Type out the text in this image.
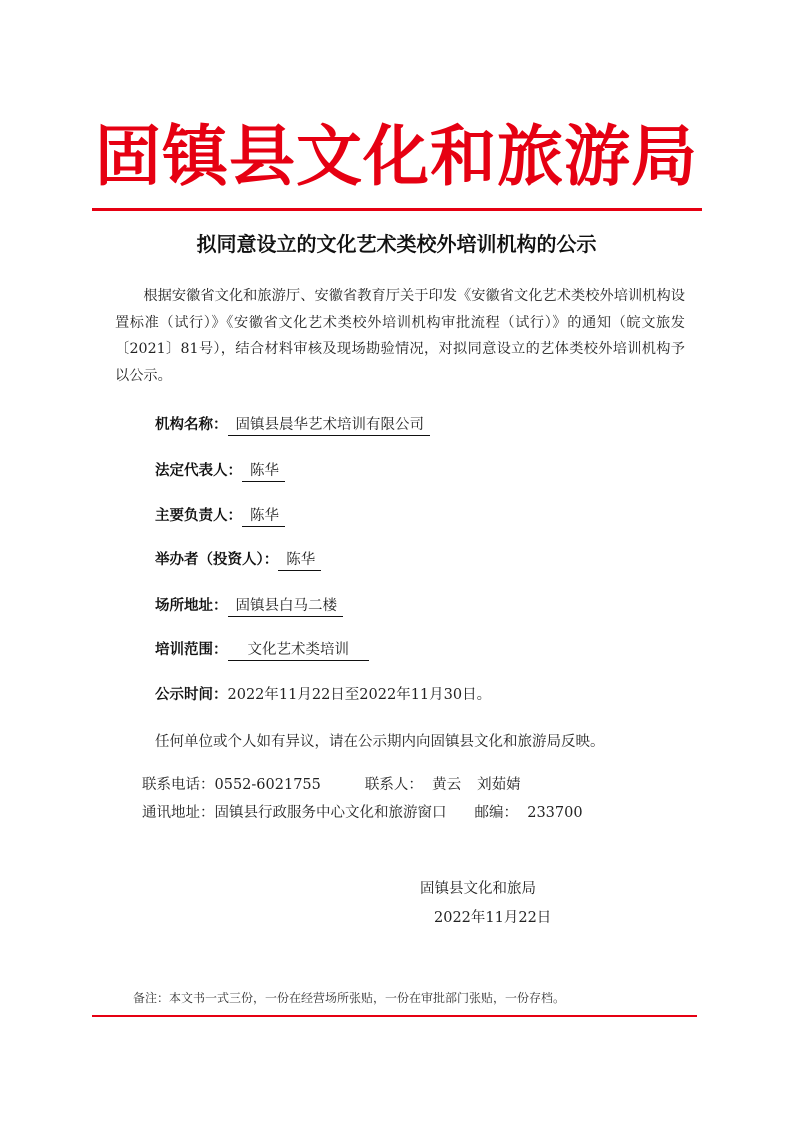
固镇县文化和旅游局
拟同意设立的文化艺术类校外培训机构的公示
根据安徽省文化和旅游厅、安徽省教育厅关于印发《安徽省文化艺术类校外培训机构设置标准（试行）》《安徽省文化艺术类校外培训机构审批流程（试行）》的通知（皖文旅发〔2021〕81号），结合材料审核及现场勘验情况，对拟同意设立的艺体类校外培训机构予以公示。
机构名称： 固镇县晨华艺术培训有限公司
法定代表人： 陈华
主要负责人： 陈华
举办者（投资人）： 陈华
场所地址： 固镇县白马二楼
培训范围： 文化艺术类培训
公示时间：2022年11月22日至2022年11月30日。
任何单位或个人如有异议，请在公示期内向固镇县文化和旅游局反映。
联系电话：0552-6021755	联系人： 黄云 刘茹婧
通讯地址：固镇县行政服务中心文化和旅游窗口 邮编： 233700
固镇县文化和旅局
2022年11月22日
备注：本文书一式三份，一份在经营场所张贴，一份在审批部门张贴，一份存档。
